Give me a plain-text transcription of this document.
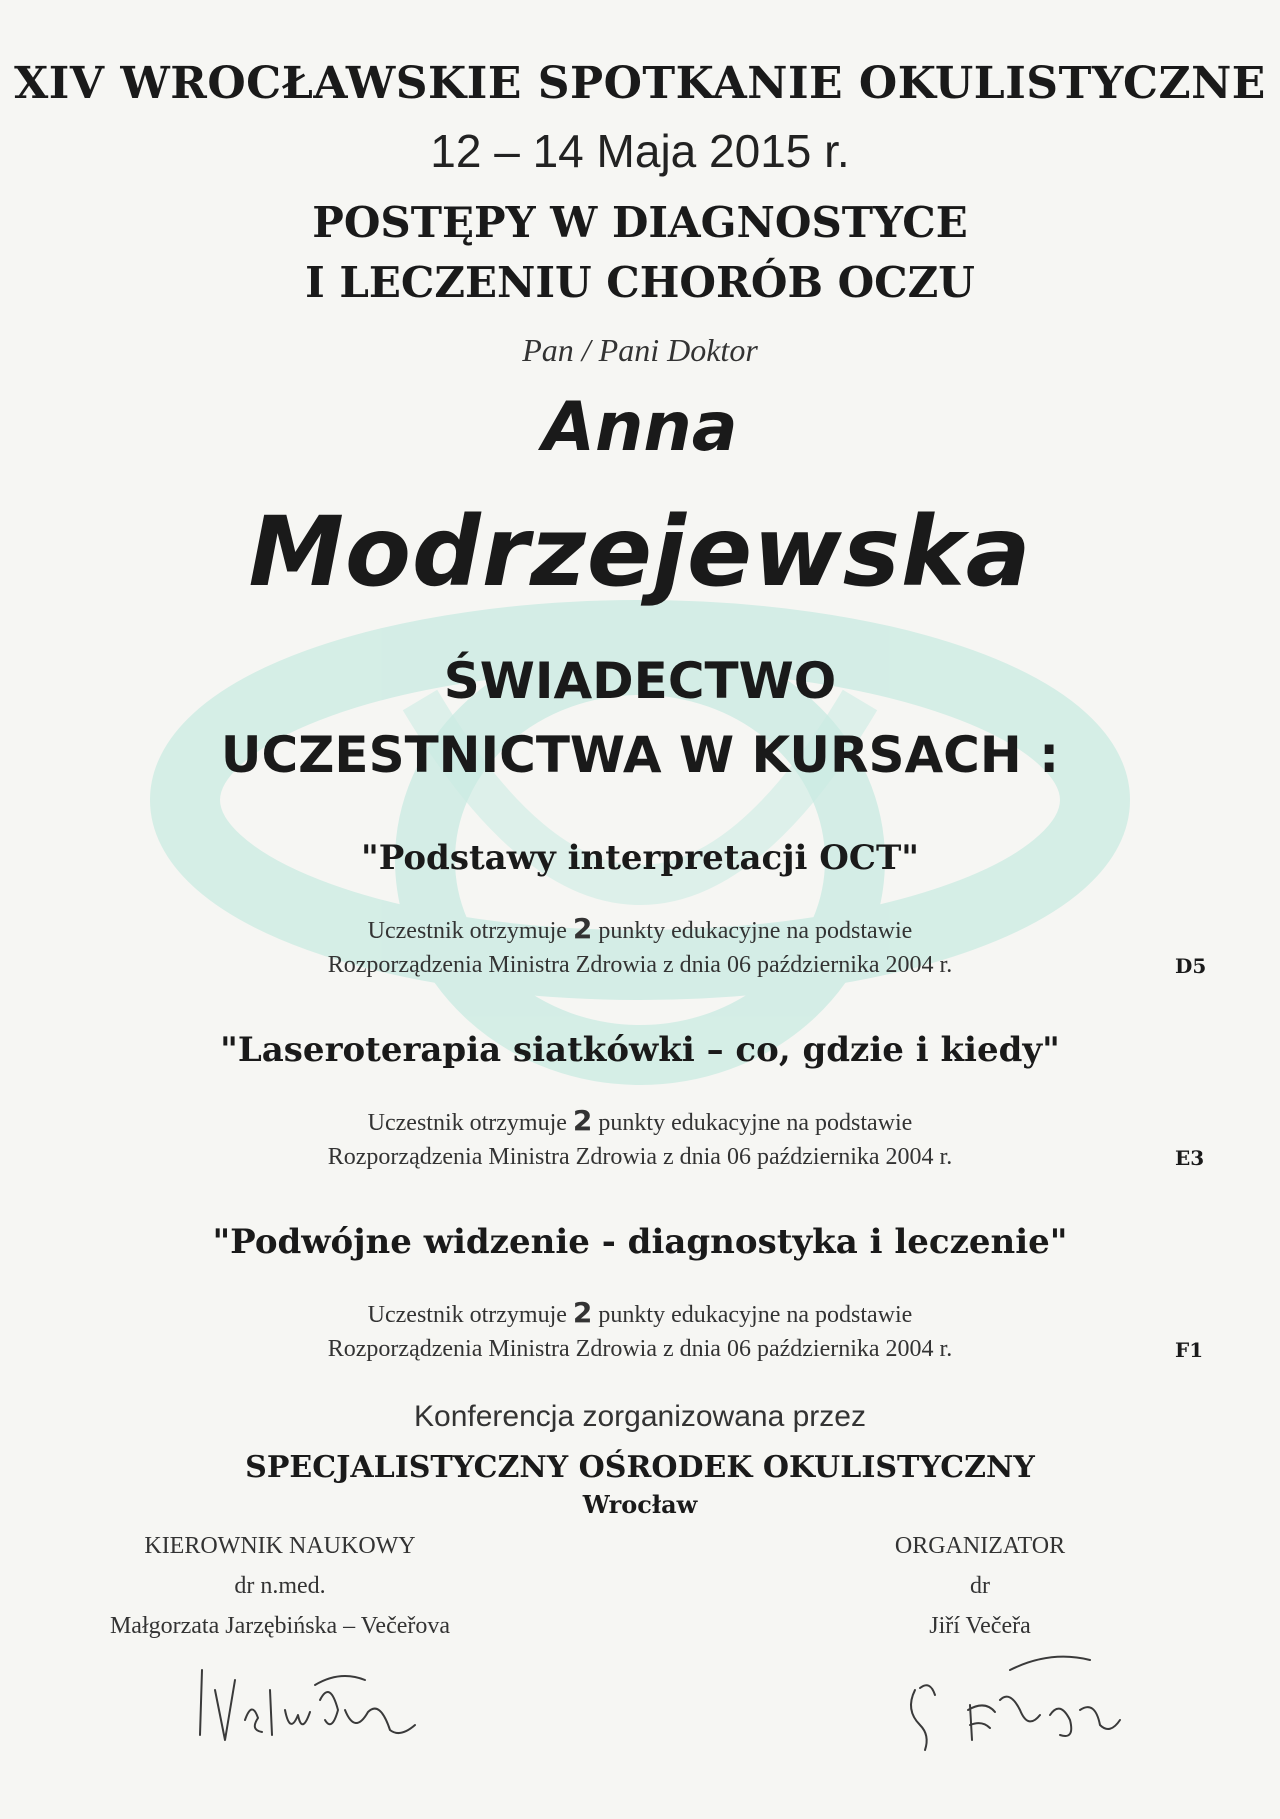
XIV WROCŁAWSKIE SPOTKANIE OKULISTYCZNE

12 – 14 Maja 2015 r.

POSTĘPY W DIAGNOSTYCE

I LECZENIU CHORÓB OCZU

Pan / Pani Doktor

Anna

Modrzejewska

ŚWIADECTWO

UCZESTNICTWA W KURSACH :

"Podstawy interpretacji OCT"

Uczestnik otrzymuje 2 punkty edukacyjne na podstawie

Rozporządzenia Ministra Zdrowia z dnia 06 października 2004 r.	D5

"Laseroterapia siatkówki – co, gdzie i kiedy"

Uczestnik otrzymuje 2 punkty edukacyjne na podstawie

Rozporządzenia Ministra Zdrowia z dnia 06 października 2004 r.	E3

"Podwójne widzenie - diagnostyka i leczenie"

Uczestnik otrzymuje 2 punkty edukacyjne na podstawie

Rozporządzenia Ministra Zdrowia z dnia 06 października 2004 r.	F1

Konferencja zorganizowana przez

SPECJALISTYCZNY OŚRODEK OKULISTYCZNY

Wrocław

KIEROWNIK NAUKOWY
dr n.med.
Małgorzata Jarzębińska – Večeřova
ORGANIZATOR
dr
Jiří Večeřa
